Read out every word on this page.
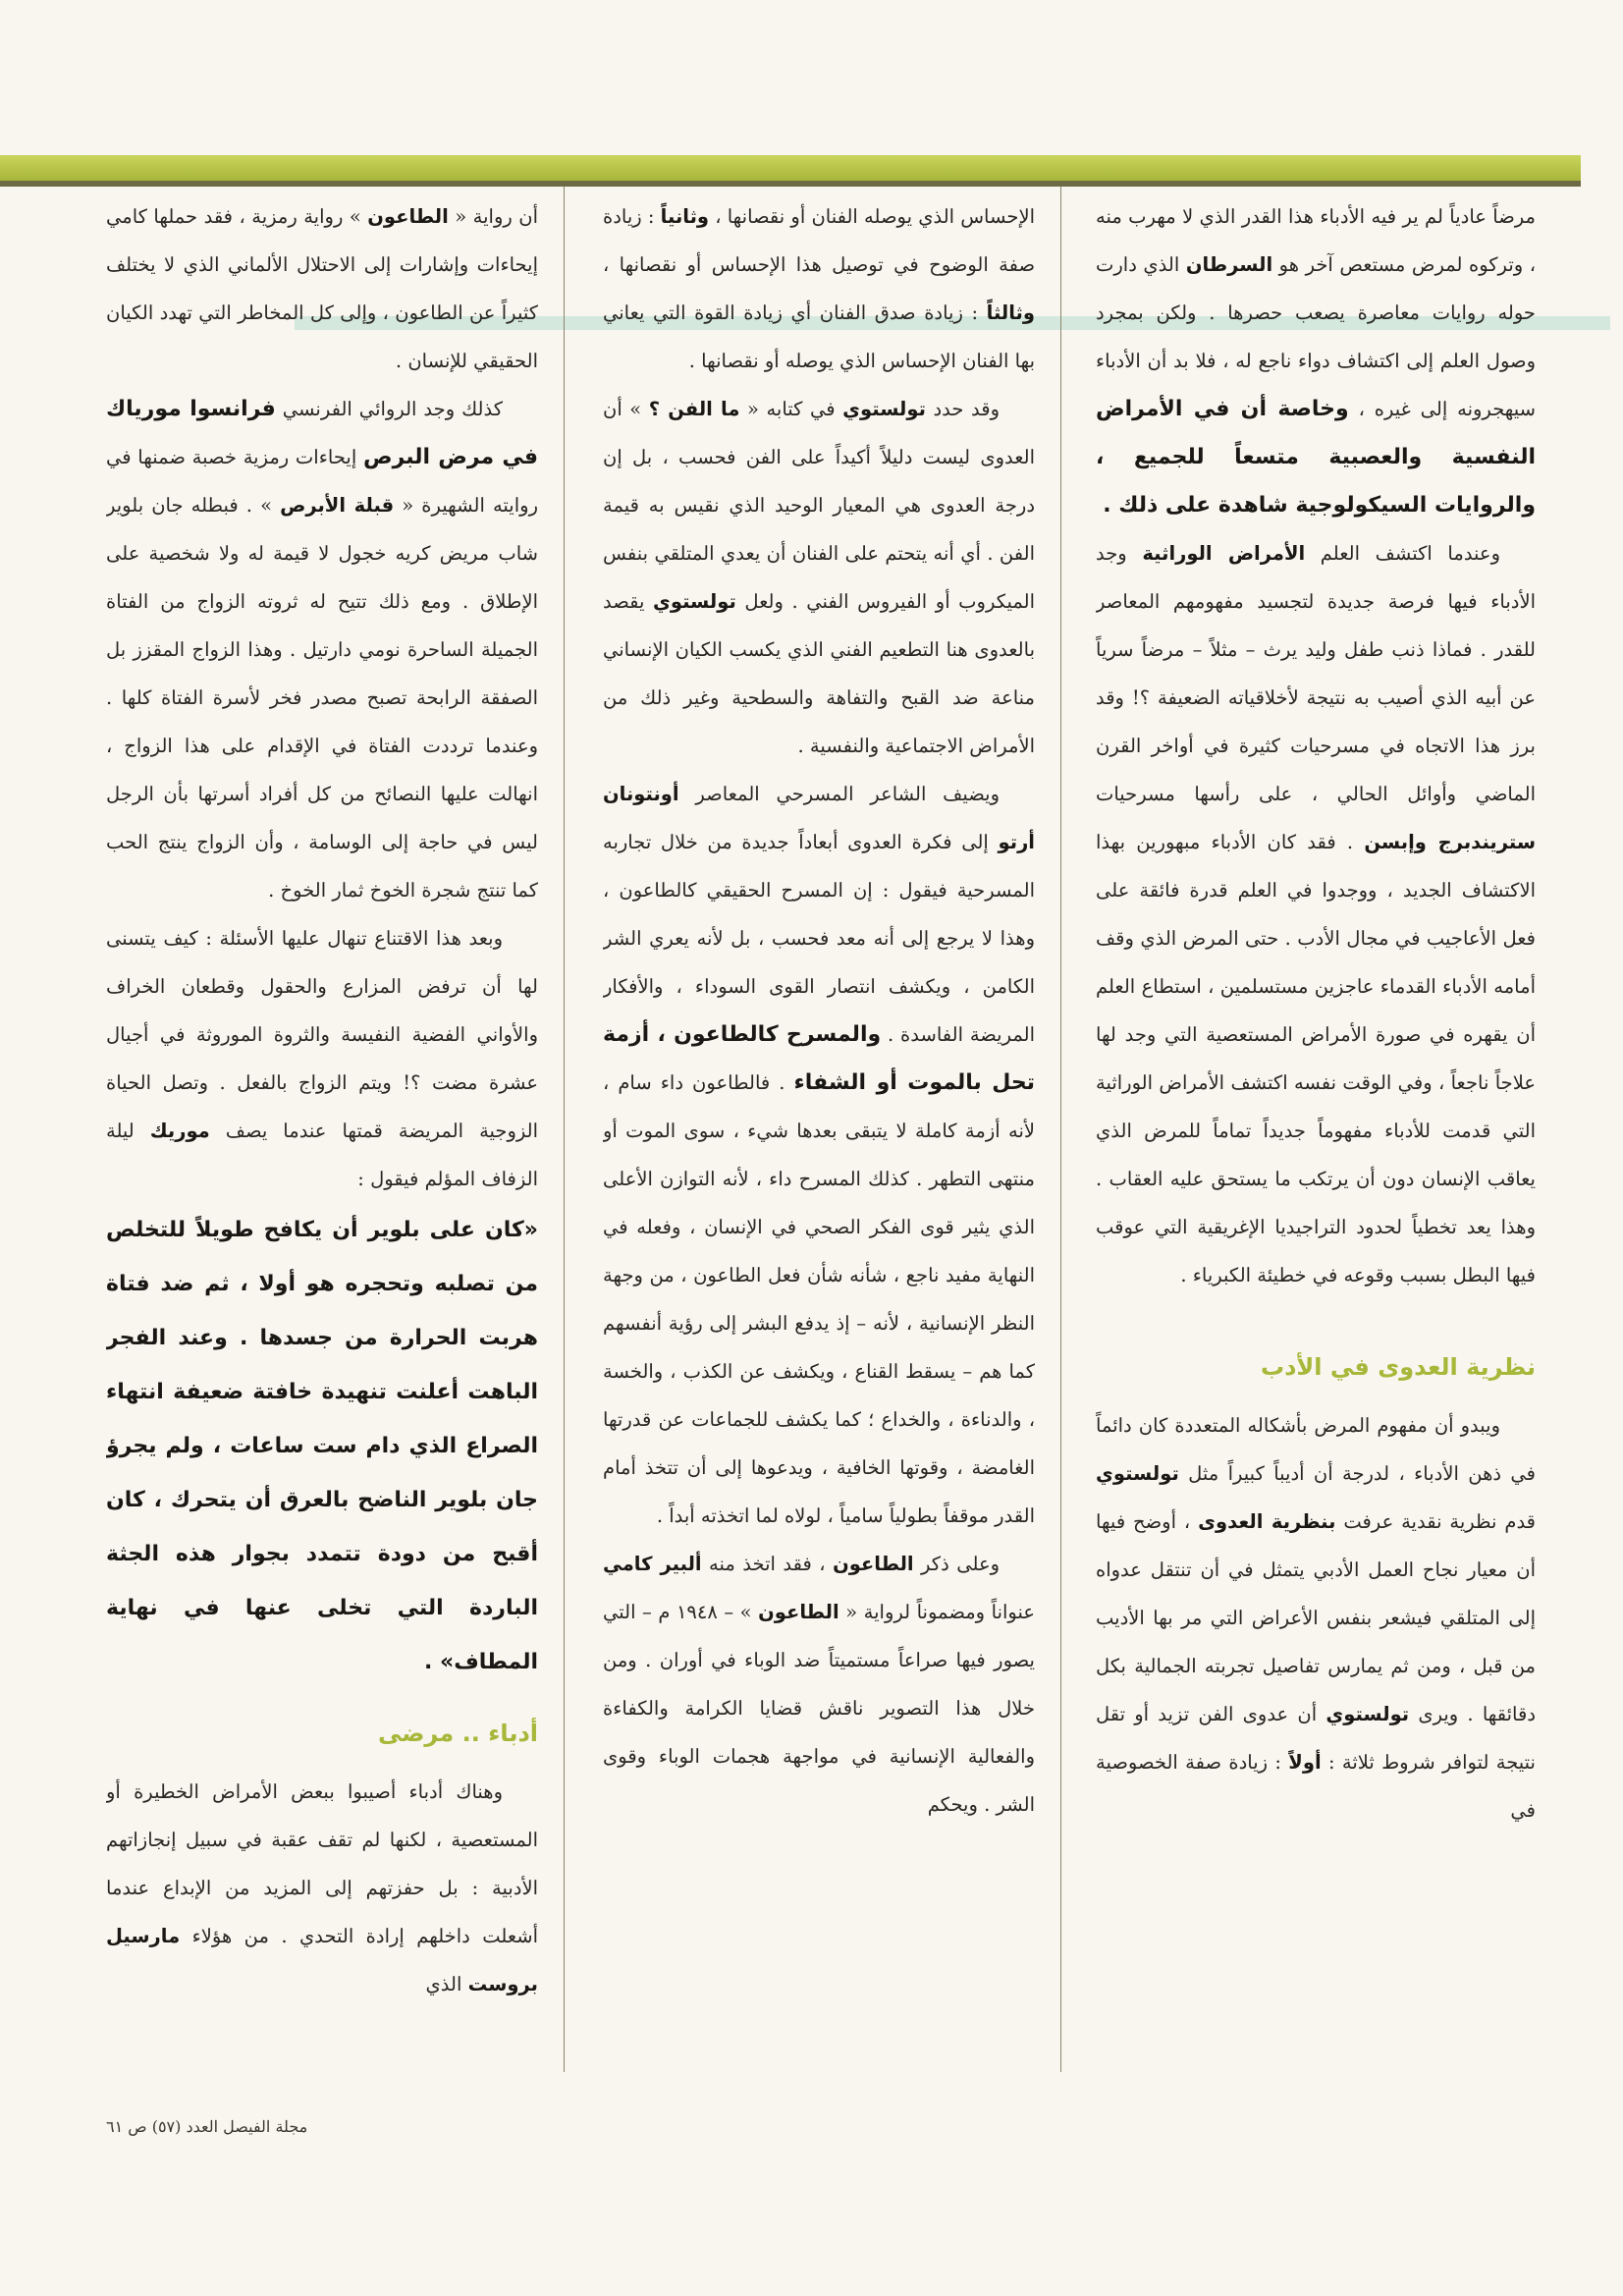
مرضاً عادياً لم ير فيه الأدباء هذا القدر الذي لا مهرب منه ، وتركوه لمرض مستعص آخر هو السرطان الذي دارت حوله روايات معاصرة يصعب حصرها . ولكن بمجرد وصول العلم إلى اكتشاف دواء ناجع له ، فلا بد أن الأدباء سيهجرونه إلى غيره ، وخاصة أن في الأمراض النفسية والعصبية متسعاً للجميع ، والروايات السيكولوجية شاهدة على ذلك .

وعندما اكتشف العلم الأمراض الوراثية وجد الأدباء فيها فرصة جديدة لتجسيد مفهومهم المعاصر للقدر . فماذا ذنب طفل وليد يرث – مثلاً – مرضاً سرياً عن أبيه الذي أصيب به نتيجة لأخلاقياته الضعيفة ؟! وقد برز هذا الاتجاه في مسرحيات كثيرة في أواخر القرن الماضي وأوائل الحالي ، على رأسها مسرحيات ستريندبرج وإبسن . فقد كان الأدباء مبهورين بهذا الاكتشاف الجديد ، ووجدوا في العلم قدرة فائقة على فعل الأعاجيب في مجال الأدب . حتى المرض الذي وقف أمامه الأدباء القدماء عاجزين مستسلمين ، استطاع العلم أن يقهره في صورة الأمراض المستعصية التي وجد لها علاجاً ناجعاً ، وفي الوقت نفسه اكتشف الأمراض الوراثية التي قدمت للأدباء مفهوماً جديداً تماماً للمرض الذي يعاقب الإنسان دون أن يرتكب ما يستحق عليه العقاب . وهذا يعد تخطياً لحدود التراجيديا الإغريقية التي عوقب فيها البطل بسبب وقوعه في خطيئة الكبرياء .

نظرية العدوى في الأدب

ويبدو أن مفهوم المرض بأشكاله المتعددة كان دائماً في ذهن الأدباء ، لدرجة أن أديباً كبيراً مثل تولستوي قدم نظرية نقدية عرفت بنظرية العدوى ، أوضح فيها أن معيار نجاح العمل الأدبي يتمثل في أن تنتقل عدواه إلى المتلقي فيشعر بنفس الأعراض التي مر بها الأديب من قبل ، ومن ثم يمارس تفاصيل تجربته الجمالية بكل دقائقها . ويرى تولستوي أن عدوى الفن تزيد أو تقل نتيجة لتوافر شروط ثلاثة : أولاً : زيادة صفة الخصوصية في

الإحساس الذي يوصله الفنان أو نقصانها ، وثانياً : زيادة صفة الوضوح في توصيل هذا الإحساس أو نقصانها ، وثالثاً : زيادة صدق الفنان أي زيادة القوة التي يعاني بها الفنان الإحساس الذي يوصله أو نقصانها .

وقد حدد تولستوي في كتابه « ما الفن ؟ » أن العدوى ليست دليلاً أكيداً على الفن فحسب ، بل إن درجة العدوى هي المعيار الوحيد الذي نقيس به قيمة الفن . أي أنه يتحتم على الفنان أن يعدي المتلقي بنفس الميكروب أو الفيروس الفني . ولعل تولستوي يقصد بالعدوى هنا التطعيم الفني الذي يكسب الكيان الإنساني مناعة ضد القبح والتفاهة والسطحية وغير ذلك من الأمراض الاجتماعية والنفسية .

ويضيف الشاعر المسرحي المعاصر أونتونان أرتو إلى فكرة العدوى أبعاداً جديدة من خلال تجاربه المسرحية فيقول : إن المسرح الحقيقي كالطاعون ، وهذا لا يرجع إلى أنه معد فحسب ، بل لأنه يعري الشر الكامن ، ويكشف انتصار القوى السوداء ، والأفكار المريضة الفاسدة . والمسرح كالطاعون ، أزمة تحل بالموت أو الشفاء . فالطاعون داء سام ، لأنه أزمة كاملة لا يتبقى بعدها شيء ، سوى الموت أو منتهى التطهر . كذلك المسرح داء ، لأنه التوازن الأعلى الذي يثير قوى الفكر الصحي في الإنسان ، وفعله في النهاية مفيد ناجع ، شأنه شأن فعل الطاعون ، من وجهة النظر الإنسانية ، لأنه – إذ يدفع البشر إلى رؤية أنفسهم كما هم – يسقط القناع ، ويكشف عن الكذب ، والخسة ، والدناءة ، والخداع ؛ كما يكشف للجماعات عن قدرتها الغامضة ، وقوتها الخافية ، ويدعوها إلى أن تتخذ أمام القدر موقفاً بطولياً سامياً ، لولاه لما اتخذته أبداً .

وعلى ذكر الطاعون ، فقد اتخذ منه ألبير كامي عنواناً ومضموناً لرواية « الطاعون » – ١٩٤٨ م – التي يصور فيها صراعاً مستميتاً ضد الوباء في أوران . ومن خلال هذا التصوير ناقش قضايا الكرامة والكفاءة والفعالية الإنسانية في مواجهة هجمات الوباء وقوى الشر . ويحكم

أن رواية « الطاعون » رواية رمزية ، فقد حملها كامي إيحاءات وإشارات إلى الاحتلال الألماني الذي لا يختلف كثيراً عن الطاعون ، وإلى كل المخاطر التي تهدد الكيان الحقيقي للإنسان .

كذلك وجد الروائي الفرنسي فرانسوا مورياك في مرض البرص إيحاءات رمزية خصبة ضمنها في روايته الشهيرة « قبلة الأبرص » . فبطله جان بلوير شاب مريض كريه خجول لا قيمة له ولا شخصية على الإطلاق . ومع ذلك تتيح له ثروته الزواج من الفتاة الجميلة الساحرة نومي دارتيل . وهذا الزواج المقزز بل الصفقة الرابحة تصبح مصدر فخر لأسرة الفتاة كلها . وعندما ترددت الفتاة في الإقدام على هذا الزواج ، انهالت عليها النصائح من كل أفراد أسرتها بأن الرجل ليس في حاجة إلى الوسامة ، وأن الزواج ينتج الحب كما تنتج شجرة الخوخ ثمار الخوخ .

وبعد هذا الاقتناع تنهال عليها الأسئلة : كيف يتسنى لها أن ترفض المزارع والحقول وقطعان الخراف والأواني الفضية النفيسة والثروة الموروثة في أجيال عشرة مضت ؟! ويتم الزواج بالفعل . وتصل الحياة الزوجية المريضة قمتها عندما يصف موريك ليلة الزفاف المؤلم فيقول :

«كان على بلوير أن يكافح طويلاً للتخلص من تصلبه وتحجره هو أولا ، ثم ضد فتاة هربت الحرارة من جسدها . وعند الفجر الباهت أعلنت تنهيدة خافتة ضعيفة انتهاء الصراع الذي دام ست ساعات ، ولم يجرؤ جان بلوير الناضح بالعرق أن يتحرك ، كان أقبح من دودة تتمدد بجوار هذه الجثة الباردة التي تخلى عنها في نهاية المطاف» .

أدباء .. مرضى

وهناك أدباء أصيبوا ببعض الأمراض الخطيرة أو المستعصية ، لكنها لم تقف عقبة في سبيل إنجازاتهم الأدبية : بل حفزتهم إلى المزيد من الإبداع عندما أشعلت داخلهم إرادة التحدي . من هؤلاء مارسيل بروست الذي

مجلة الفيصل العدد (٥٧) ص ٦١
